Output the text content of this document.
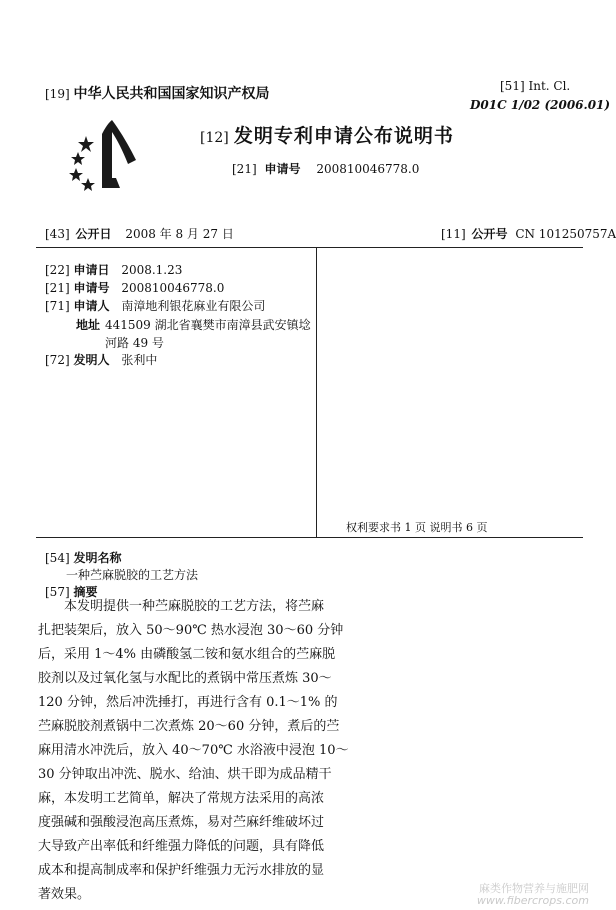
[19] 中华人民共和国国家知识产权局	[51] Int. Cl.
D01C 1/02 (2006.01)
[12] 发明专利申请公布说明书
[21] 申请号 200810046778.0
[43] 公开日 2008 年 8 月 27 日	[11] 公开号 CN 101250757A
[22] 申请日 2008.1.23
[21] 申请号 200810046778.0
[71] 申请人 南漳地利银花麻业有限公司
地址 441509 湖北省襄樊市南漳县武安镇埝
河路 49 号
[72] 发明人 张利中
权利要求书 1 页 说明书 6 页
[54] 发明名称
一种苎麻脱胶的工艺方法
[57] 摘要
本发明提供一种苎麻脱胶的工艺方法，将苎麻
扎把装架后，放入 50～90℃ 热水浸泡 30～60 分钟
后，采用 1～4% 由磷酸氢二铵和氨水组合的苎麻脱
胶剂以及过氧化氢与水配比的煮锅中常压煮炼 30～
120 分钟，然后冲洗捶打，再进行含有 0.1～1% 的
苎麻脱胶剂煮锅中二次煮炼 20～60 分钟，煮后的苎
麻用清水冲洗后，放入 40～70℃ 水浴液中浸泡 10～
30 分钟取出冲洗、脱水、给油、烘干即为成品精干
麻，本发明工艺简单，解决了常规方法采用的高浓
度强碱和强酸浸泡高压煮炼，易对苎麻纤维破坏过
大导致产出率低和纤维强力降低的问题，具有降低
成本和提高制成率和保护纤维强力无污水排放的显
著效果。	麻类作物营养与施肥网
www.fibercrops.com
